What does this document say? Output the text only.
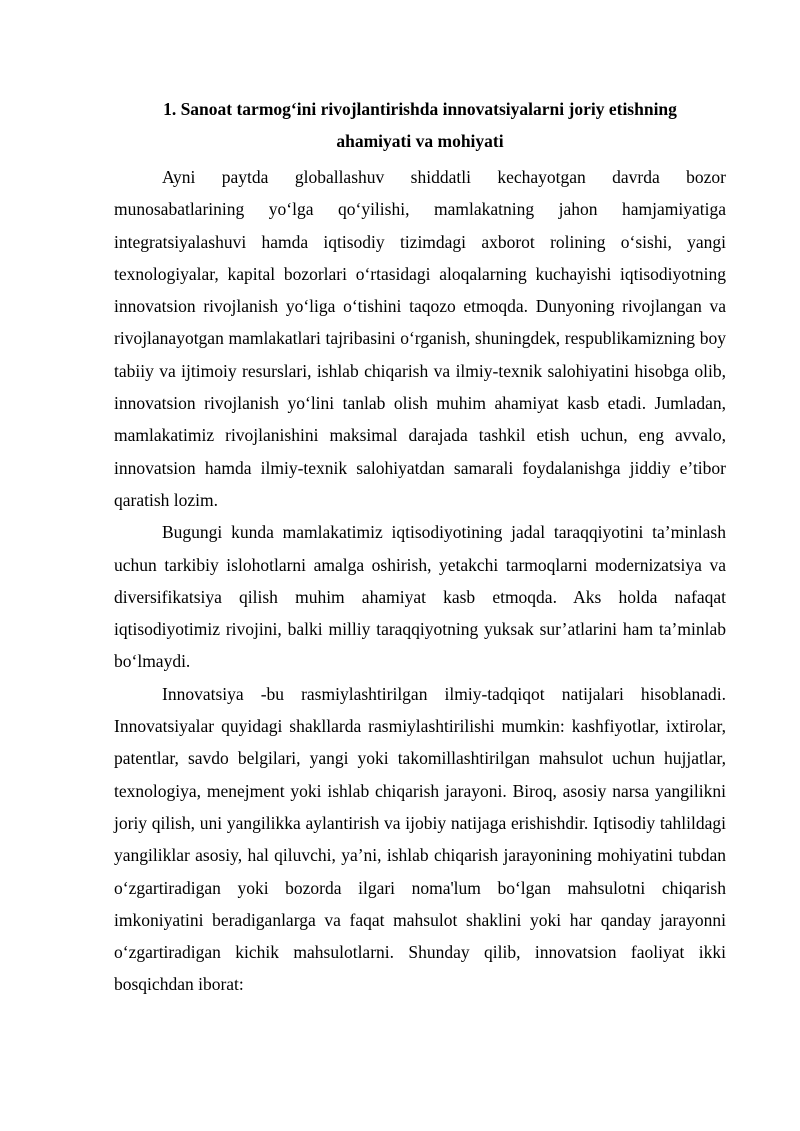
1. Sanoat tarmog‘ini rivojlantirishda innovatsiyalarni joriy etishning
ahamiyati va mohiyati

Ayni paytda globallashuv shiddatli kechayotgan davrda bozor munosabatlarining yo‘lga qo‘yilishi, mamlakatning jahon hamjamiyatiga integratsiyalashuvi hamda iqtisodiy tizimdagi axborot rolining o‘sishi, yangi texnologiyalar, kapital bozorlari o‘rtasidagi aloqalarning kuchayishi iqtisodiyotning innovatsion rivojlanish yo‘liga o‘tishini taqozo etmoqda. Dunyoning rivojlangan va rivojlanayotgan mamlakatlari tajribasini o‘rganish, shuningdek, respublikamizning boy tabiiy va ijtimoiy resurslari, ishlab chiqarish va ilmiy-texnik salohiyatini hisobga olib, innovatsion rivojlanish yo‘lini tanlab olish muhim ahamiyat kasb etadi. Jumladan, mamlakatimiz rivojlanishini maksimal darajada tashkil etish uchun, eng avvalo, innovatsion hamda ilmiy-texnik salohiyatdan samarali foydalanishga jiddiy e’tibor qaratish lozim.

Bugungi kunda mamlakatimiz iqtisodiyotining jadal taraqqiyotini ta’minlash uchun tarkibiy islohotlarni amalga oshirish, yetakchi tarmoqlarni modernizatsiya va diversifikatsiya qilish muhim ahamiyat kasb etmoqda. Aks holda nafaqat iqtisodiyotimiz rivojini, balki milliy taraqqiyotning yuksak sur’atlarini ham ta’minlab bo‘lmaydi.

Innovatsiya -bu rasmiylashtirilgan ilmiy-tadqiqot natijalari hisoblanadi. Innovatsiyalar quyidagi shakllarda rasmiylashtirilishi mumkin: kashfiyotlar, ixtirolar, patentlar, savdo belgilari, yangi yoki takomillashtirilgan mahsulot uchun hujjatlar, texnologiya, menejment yoki ishlab chiqarish jarayoni. Biroq, asosiy narsa yangilikni joriy qilish, uni yangilikka aylantirish va ijobiy natijaga erishishdir. Iqtisodiy tahlildagi yangiliklar asosiy, hal qiluvchi, ya’ni, ishlab chiqarish jarayonining mohiyatini tubdan o‘zgartiradigan yoki bozorda ilgari noma'lum bo‘lgan mahsulotni chiqarish imkoniyatini beradiganlarga va faqat mahsulot shaklini yoki har qanday jarayonni o‘zgartiradigan kichik mahsulotlarni. Shunday qilib, innovatsion faoliyat ikki bosqichdan iborat:
